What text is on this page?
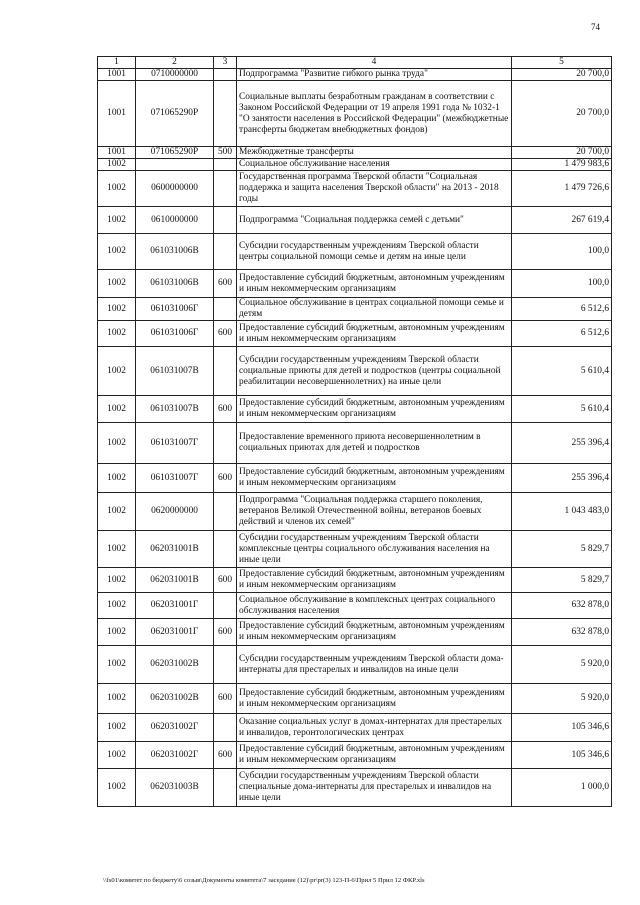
74
1	2	3	4	5
1001	0710000000		Подпрограмма "Развитие гибкого рынка труда"	20 700,0
1001	071065290Р		Социальные выплаты безработным гражданам в соответствии с Законом Российской Федерации от 19 апреля 1991 года № 1032-1 "О занятости населения в Российской Федерации" (межбюджетные трансферты бюджетам внебюджетных фондов)	20 700,0
1001	071065290Р	500	Межбюджетные трансферты	20 700,0
1002			Социальное обслуживание населения	1 479 983,6
1002	0600000000		Государственная программа Тверской области "Социальная поддержка и защита населения Тверской области" на 2013 - 2018 годы	1 479 726,6
1002	0610000000		Подпрограмма "Социальная поддержка семей с детьми"	267 619,4
1002	061031006В		Субсидии государственным учреждениям Тверской области центры социальной помощи семье и детям на иные цели	100,0
1002	061031006В	600	Предоставление субсидий бюджетным, автономным учреждениям и иным некоммерческим организациям	100,0
1002	061031006Г		Социальное обслуживание в центрах социальной помощи семье и детям	6 512,6
1002	061031006Г	600	Предоставление субсидий бюджетным, автономным учреждениям и иным некоммерческим организациям	6 512,6
1002	061031007В		Субсидии государственным учреждениям Тверской области социальные приюты для детей и подростков (центры социальной реабилитации несовершеннолетних) на иные цели	5 610,4
1002	061031007В	600	Предоставление субсидий бюджетным, автономным учреждениям и иным некоммерческим организациям	5 610,4
1002	061031007Г		Предоставление временного приюта несовершеннолетним в социальных приютах для детей и подростков	255 396,4
1002	061031007Г	600	Предоставление субсидий бюджетным, автономным учреждениям и иным некоммерческим организациям	255 396,4
1002	0620000000		Подпрограмма "Социальная поддержка старшего поколения, ветеранов Великой Отечественной войны, ветеранов боевых действий и членов их семей"	1 043 483,0
1002	062031001В		Субсидии государственным учреждениям Тверской области комплексные центры социального обслуживания населения на иные цели	5 829,7
1002	062031001В	600	Предоставление субсидий бюджетным, автономным учреждениям и иным некоммерческим организациям	5 829,7
1002	062031001Г		Социальное обслуживание в комплексных центрах социального обслуживания населения	632 878,0
1002	062031001Г	600	Предоставление субсидий бюджетным, автономным учреждениям и иным некоммерческим организациям	632 878,0
1002	062031002В		Субсидии государственным учреждениям Тверской области дома-интернаты для престарелых и инвалидов на иные цели	5 920,0
1002	062031002В	600	Предоставление субсидий бюджетным, автономным учреждениям и иным некоммерческим организациям	5 920,0
1002	062031002Г		Оказание социальных услуг в домах-интернатах для престарелых и инвалидов, геронтологических центрах	105 346,6
1002	062031002Г	600	Предоставление субсидий бюджетным, автономным учреждениям и иным некоммерческим организациям	105 346,6
1002	062031003В		Субсидии государственным учреждениям Тверской области специальные дома-интернаты для престарелых и инвалидов на иные цели	1 000,0
\\fs01\комитет по бюджету\6 созыв\Документы комитета\7 заседание (12)\pr\pr(3) 123-П-6\Прил 5 Прил 12 ФКР.xls
